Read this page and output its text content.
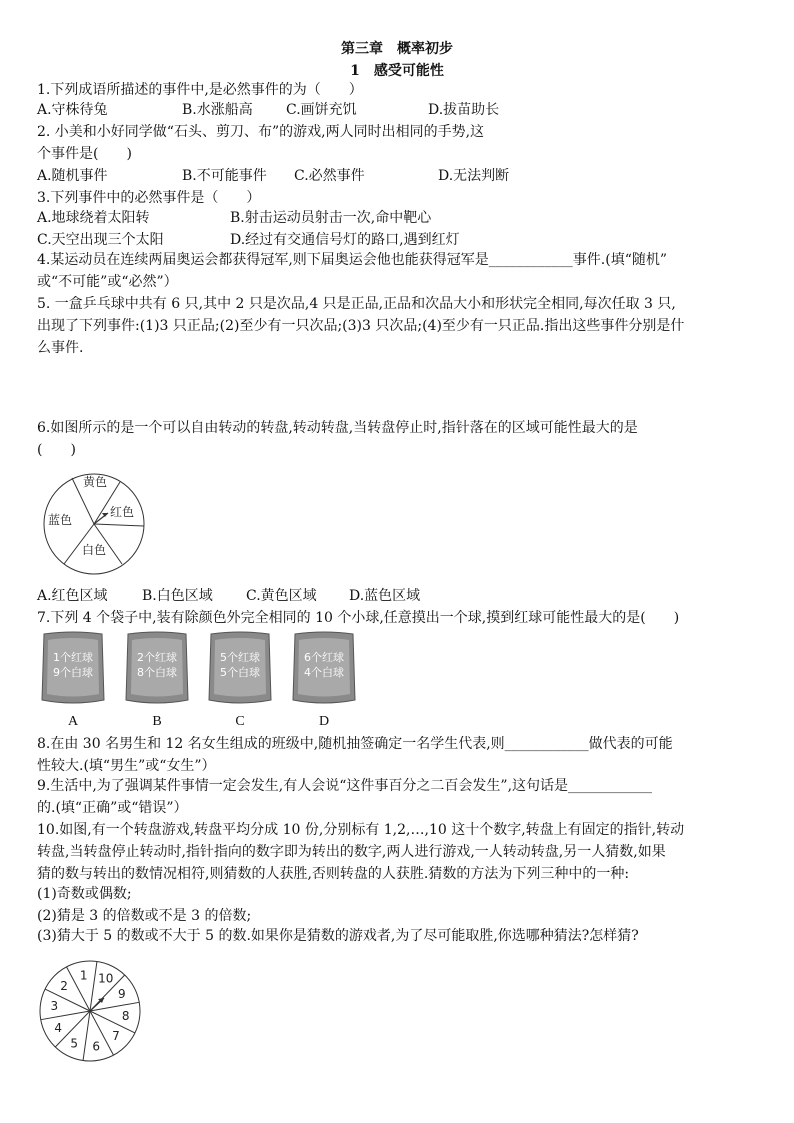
第三章　概率初步
1　感受可能性
1.下列成语所描述的事件中,是必然事件的为（　　）
A.守株待兔	B.水涨船高 C.画饼充饥	D.拔苗助长
2. 小美和小好同学做“石头、剪刀、布”的游戏,两人同时出相同的手势,这
个事件是(　　)
A.随机事件	B.不可能事件 C.必然事件	D.无法判断
3.下列事件中的必然事件是（　　）
A.地球绕着太阳转	B.射击运动员射击一次,命中靶心
C.天空出现三个太阳	D.经过有交通信号灯的路口,遇到红灯
4.某运动员在连续两届奥运会都获得冠军,则下届奥运会他也能获得冠军是____________事件.(填“随机”
或“不可能”或“必然”）
5. 一盒乒乓球中共有 6 只,其中 2 只是次品,4 只是正品,正品和次品大小和形状完全相同,每次任取 3 只,
出现了下列事件:(1)3 只正品;(2)至少有一只次品;(3)3 只次品;(4)至少有一只正品.指出这些事件分别是什
么事件.
6.如图所示的是一个可以自由转动的转盘,转动转盘,当转盘停止时,指针落在的区域可能性最大的是
(　　)
黄色
红色
白色
蓝色
A.红色区域 B.白色区域 C.黄色区域 D.蓝色区域
7.下列 4 个袋子中,装有除颜色外完全相同的 10 个小球,任意摸出一个球,摸到红球可能性最大的是(　　)
1个红球
9个白球
2个红球
8个白球
5个红球
5个白球
6个红球
4个白球
A	B	C	D
8.在由 30 名男生和 12 名女生组成的班级中,随机抽签确定一名学生代表,则____________做代表的可能
性较大.(填“男生”或“女生”）
9.生活中,为了强调某件事情一定会发生,有人会说“这件事百分之二百会发生”,这句话是____________
的.(填“正确”或“错误”）
10.如图,有一个转盘游戏,转盘平均分成 10 份,分别标有 1,2,…,10 这十个数字,转盘上有固定的指针,转动
转盘,当转盘停止转动时,指针指向的数字即为转出的数字,两人进行游戏,一人转动转盘,另一人猜数,如果
猜的数与转出的数情况相符,则猜数的人获胜,否则转盘的人获胜.猜数的方法为下列三种中的一种:
(1)奇数或偶数;
(2)猜是 3 的倍数或不是 3 的倍数;
(3)猜大于 5 的数或不大于 5 的数.如果你是猜数的游戏者,为了尽可能取胜,你选哪种猜法?怎样猜?
1 10
9
8
7
6
5
4
3
2
